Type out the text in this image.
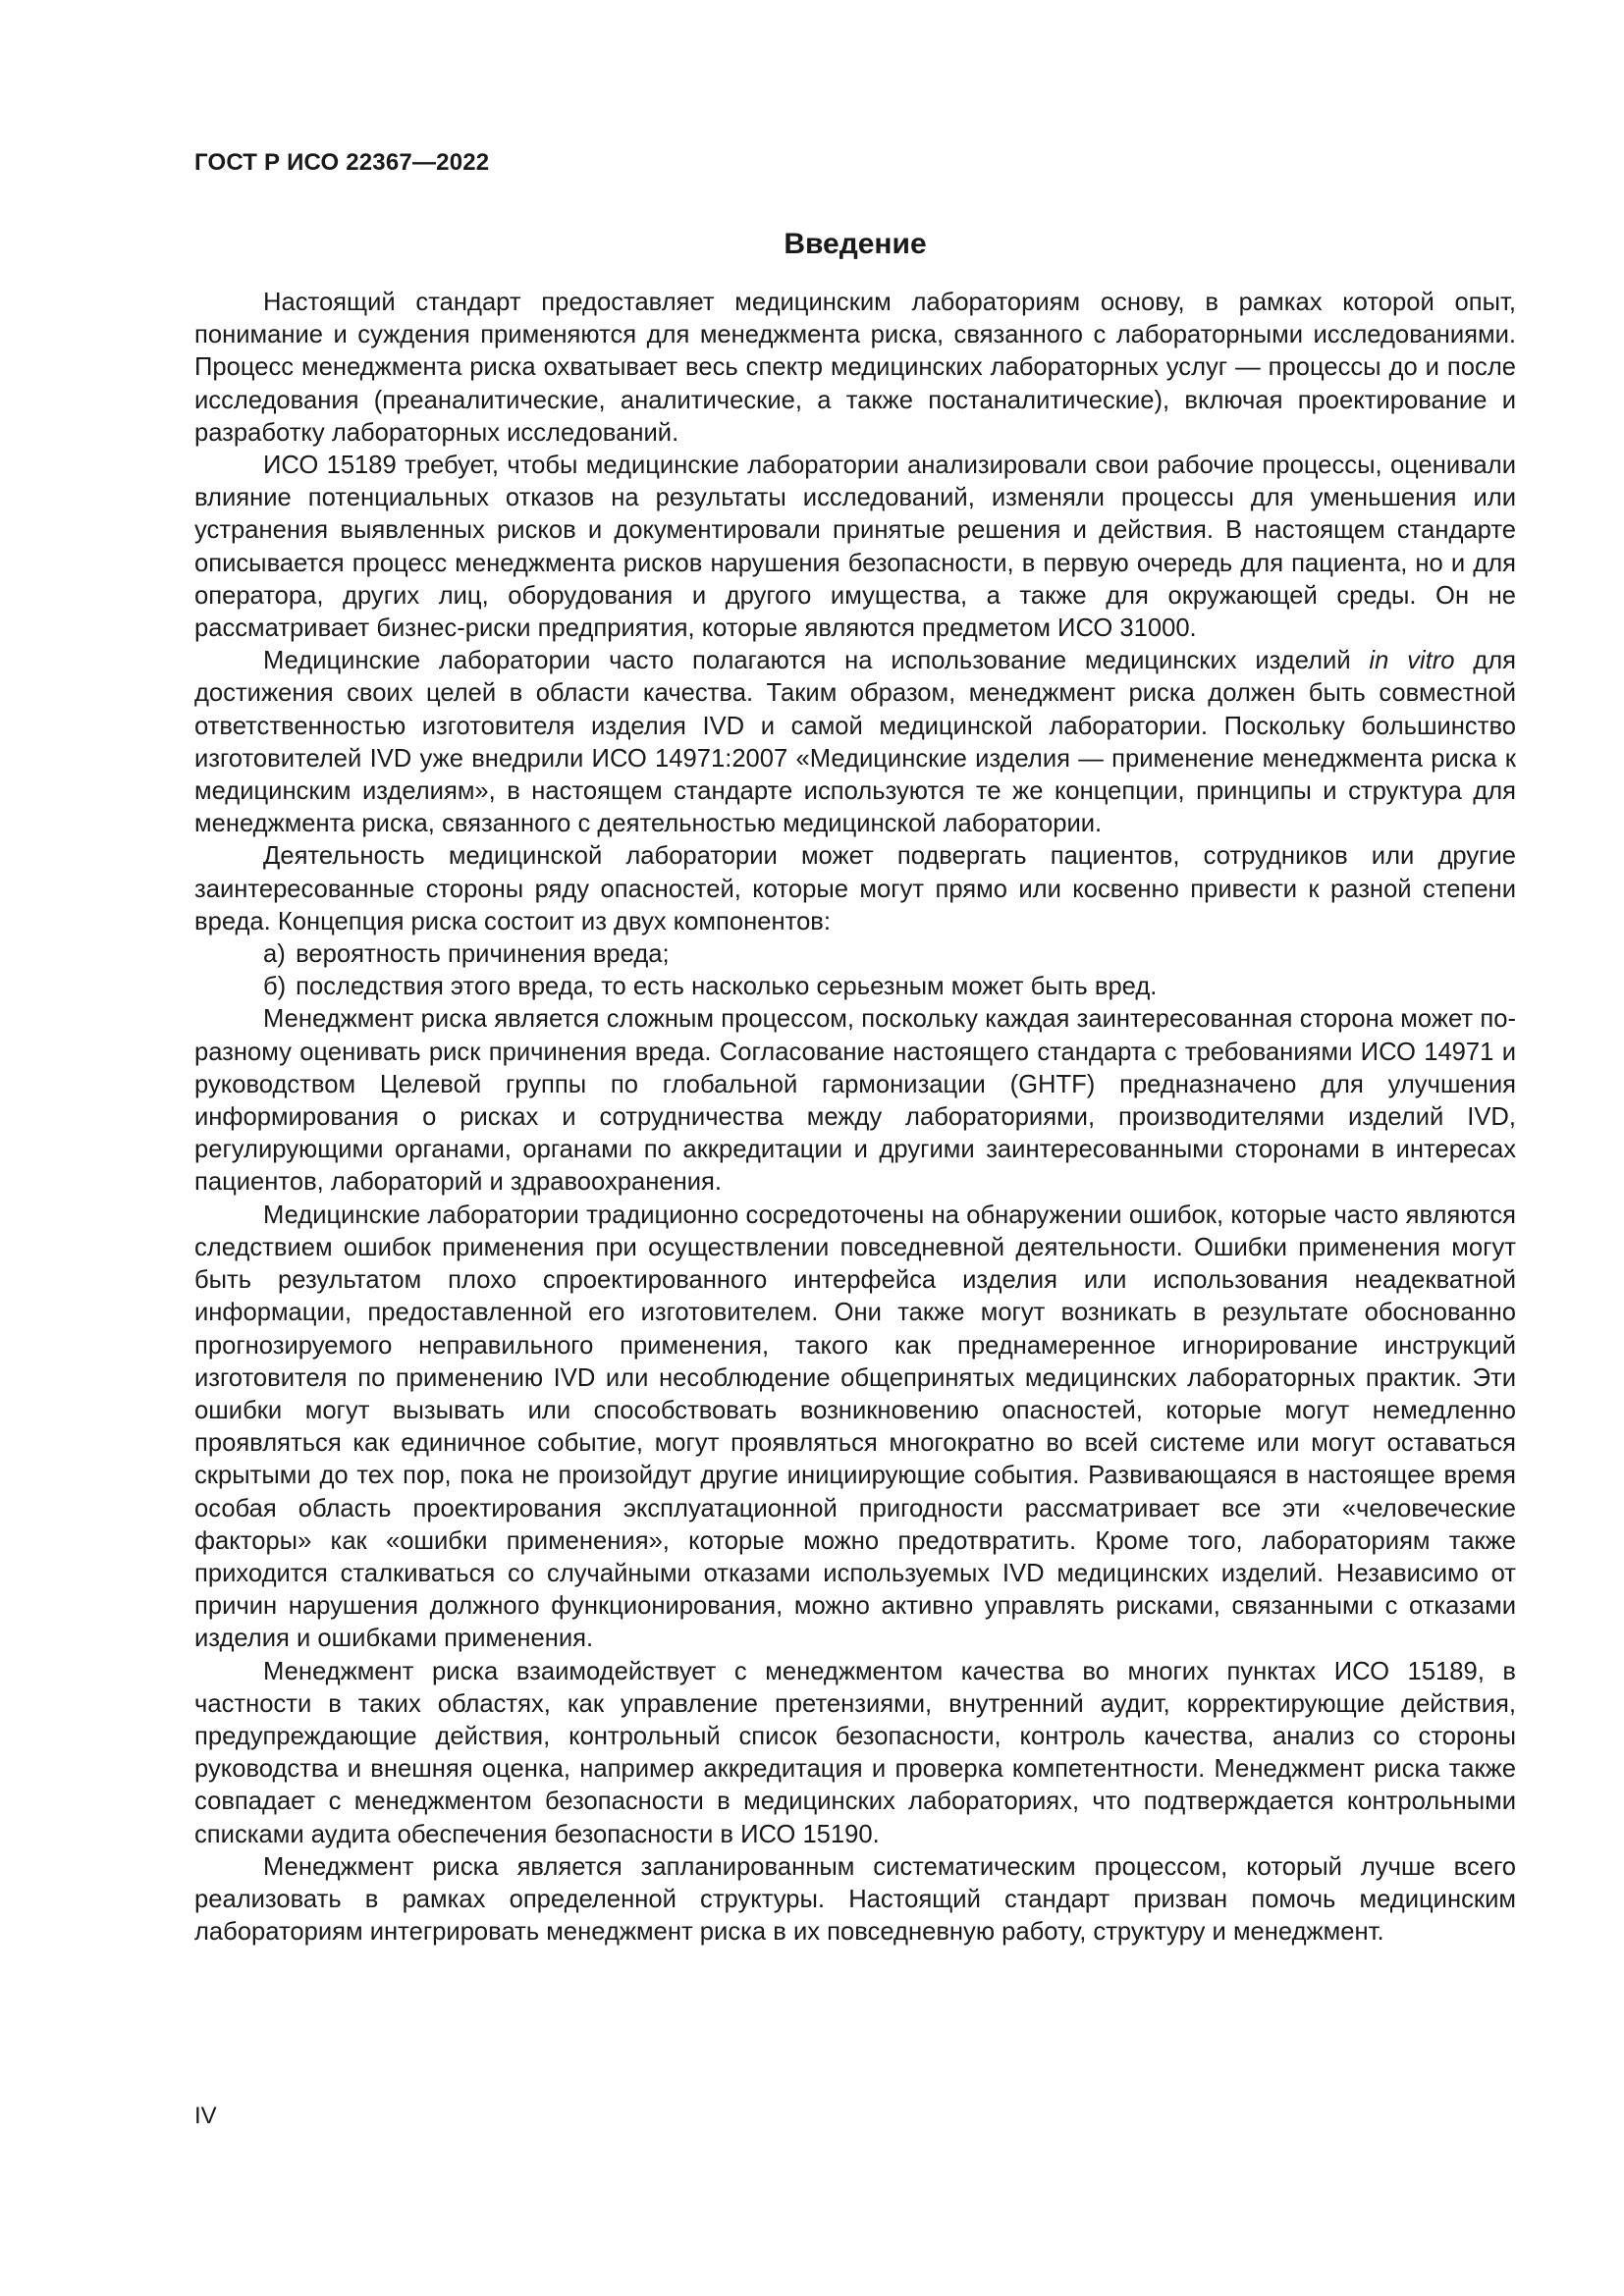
ГОСТ Р ИСО 22367—2022
Введение

Настоящий стандарт предоставляет медицинским лабораториям основу, в рамках которой опыт, понимание и суждения применяются для менеджмента риска, связанного с лабораторными исследованиями. Процесс менеджмента риска охватывает весь спектр медицинских лабораторных услуг — процессы до и после исследования (преаналитические, аналитические, а также постаналитические), включая проектирование и разработку лабораторных исследований.

ИСО 15189 требует, чтобы медицинские лаборатории анализировали свои рабочие процессы, оценивали влияние потенциальных отказов на результаты исследований, изменяли процессы для уменьшения или устранения выявленных рисков и документировали принятые решения и действия. В настоящем стандарте описывается процесс менеджмента рисков нарушения безопасности, в первую очередь для пациента, но и для оператора, других лиц, оборудования и другого имущества, а также для окружающей среды. Он не рассматривает бизнес-риски предприятия, которые являются предметом ИСО 31000.

Медицинские лаборатории часто полагаются на использование медицинских изделий in vitro для достижения своих целей в области качества. Таким образом, менеджмент риска должен быть совместной ответственностью изготовителя изделия IVD и самой медицинской лаборатории. Поскольку большинство изготовителей IVD уже внедрили ИСО 14971:2007 «Медицинские изделия — применение менеджмента риска к медицинским изделиям», в настоящем стандарте используются те же концепции, принципы и структура для менеджмента риска, связанного с деятельностью медицинской лаборатории.

Деятельность медицинской лаборатории может подвергать пациентов, сотрудников или другие заинтересованные стороны ряду опасностей, которые могут прямо или косвенно привести к разной степени вреда. Концепция риска состоит из двух компонентов:

а) вероятность причинения вреда;

б) последствия этого вреда, то есть насколько серьезным может быть вред.

Менеджмент риска является сложным процессом, поскольку каждая заинтересованная сторона может по-разному оценивать риск причинения вреда. Согласование настоящего стандарта с требованиями ИСО 14971 и руководством Целевой группы по глобальной гармонизации (GHTF) предназначено для улучшения информирования о рисках и сотрудничества между лабораториями, производителями изделий IVD, регулирующими органами, органами по аккредитации и другими заинтересованными сторонами в интересах пациентов, лабораторий и здравоохранения.

Медицинские лаборатории традиционно сосредоточены на обнаружении ошибок, которые часто являются следствием ошибок применения при осуществлении повседневной деятельности. Ошибки применения могут быть результатом плохо спроектированного интерфейса изделия или использования неадекватной информации, предоставленной его изготовителем. Они также могут возникать в результате обоснованно прогнозируемого неправильного применения, такого как преднамеренное игнорирование инструкций изготовителя по применению IVD или несоблюдение общепринятых медицинских лабораторных практик. Эти ошибки могут вызывать или способствовать возникновению опасностей, которые могут немедленно проявляться как единичное событие, могут проявляться многократно во всей системе или могут оставаться скрытыми до тех пор, пока не произойдут другие инициирующие события. Развивающаяся в настоящее время особая область проектирования эксплуатационной пригодности рассматривает все эти «человеческие факторы» как «ошибки применения», которые можно предотвратить. Кроме того, лабораториям также приходится сталкиваться со случайными отказами используемых IVD медицинских изделий. Независимо от причин нарушения должного функционирования, можно активно управлять рисками, связанными с отказами изделия и ошибками применения.

Менеджмент риска взаимодействует с менеджментом качества во многих пунктах ИСО 15189, в частности в таких областях, как управление претензиями, внутренний аудит, корректирующие действия, предупреждающие действия, контрольный список безопасности, контроль качества, анализ со стороны руководства и внешняя оценка, например аккредитация и проверка компетентности. Менеджмент риска также совпадает с менеджментом безопасности в медицинских лабораториях, что подтверждается контрольными списками аудита обеспечения безопасности в ИСО 15190.

Менеджмент риска является запланированным систематическим процессом, который лучше всего реализовать в рамках определенной структуры. Настоящий стандарт призван помочь медицинским лабораториям интегрировать менеджмент риска в их повседневную работу, структуру и менеджмент.

IV
